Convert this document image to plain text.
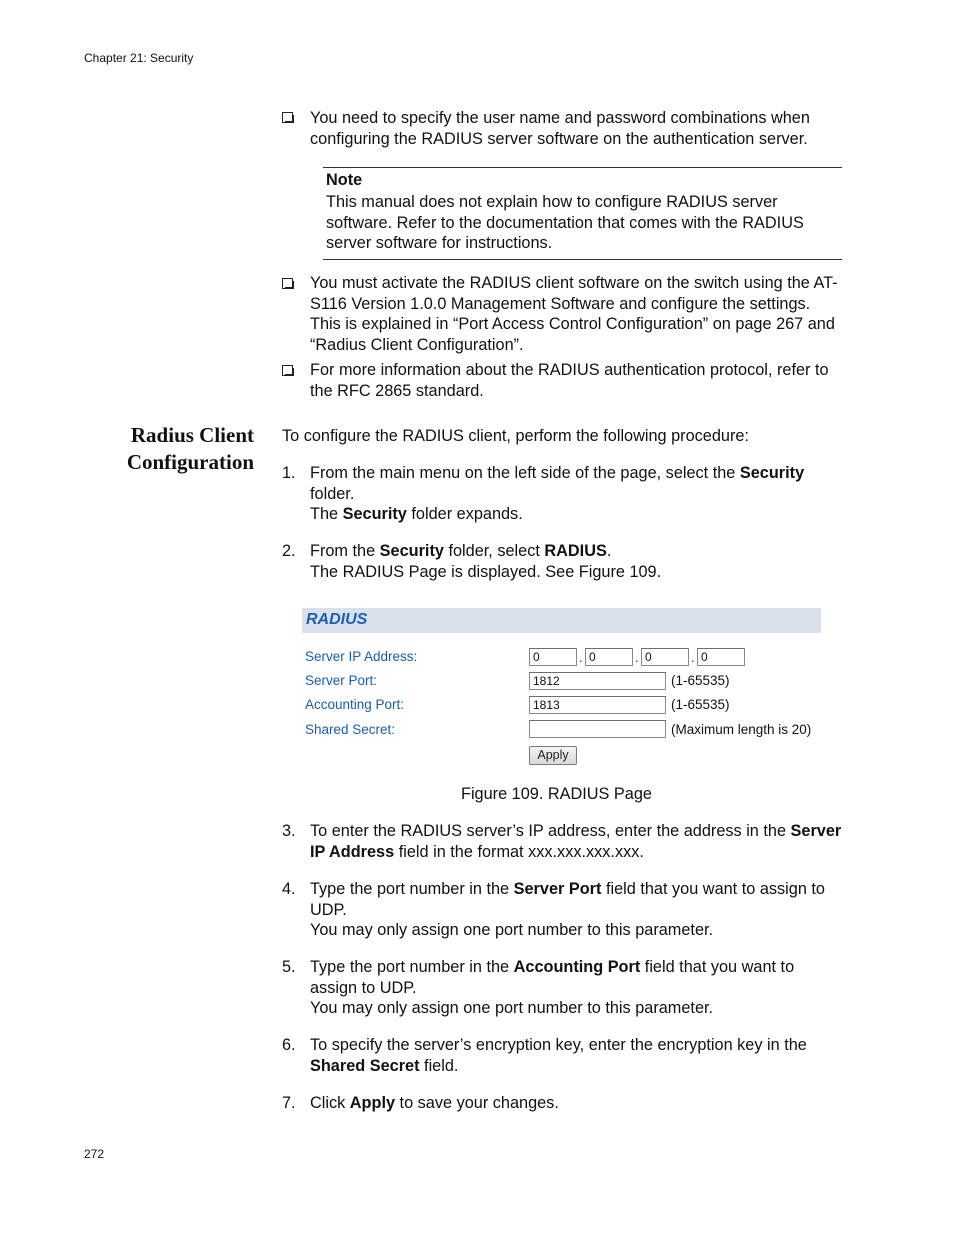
Chapter 21: Security
You need to specify the user name and password combinations when configuring the RADIUS server software on the authentication server.
Note
This manual does not explain how to configure RADIUS server software. Refer to the documentation that comes with the RADIUS server software for instructions.
You must activate the RADIUS client software on the switch using the AT-S116 Version 1.0.0 Management Software and configure the settings. This is explained in “Port Access Control Configuration” on page 267 and “Radius Client Configuration”.
For more information about the RADIUS authentication protocol, refer to the RFC 2865 standard.
Radius Client
Configuration
To configure the RADIUS client, perform the following procedure:
1. From the main menu on the left side of the page, select the Security folder.
The Security folder expands.
2. From the Security folder, select RADIUS.
The RADIUS Page is displayed. See Figure 109.
RADIUS
Server IP Address:
0	.
0	.
0	.
0
Server Port:
1812	(1-65535)
Accounting Port:
1813	(1-65535)
Shared Secret:	(Maximum length is 20)
Apply
Figure 109. RADIUS Page
3. To enter the RADIUS server’s IP address, enter the address in the Server IP Address field in the format xxx.xxx.xxx.xxx.
4. Type the port number in the Server Port field that you want to assign to UDP.
You may only assign one port number to this parameter.
5. Type the port number in the Accounting Port field that you want to assign to UDP.
You may only assign one port number to this parameter.
6. To specify the server’s encryption key, enter the encryption key in the Shared Secret field.
7. Click Apply to save your changes.
272
